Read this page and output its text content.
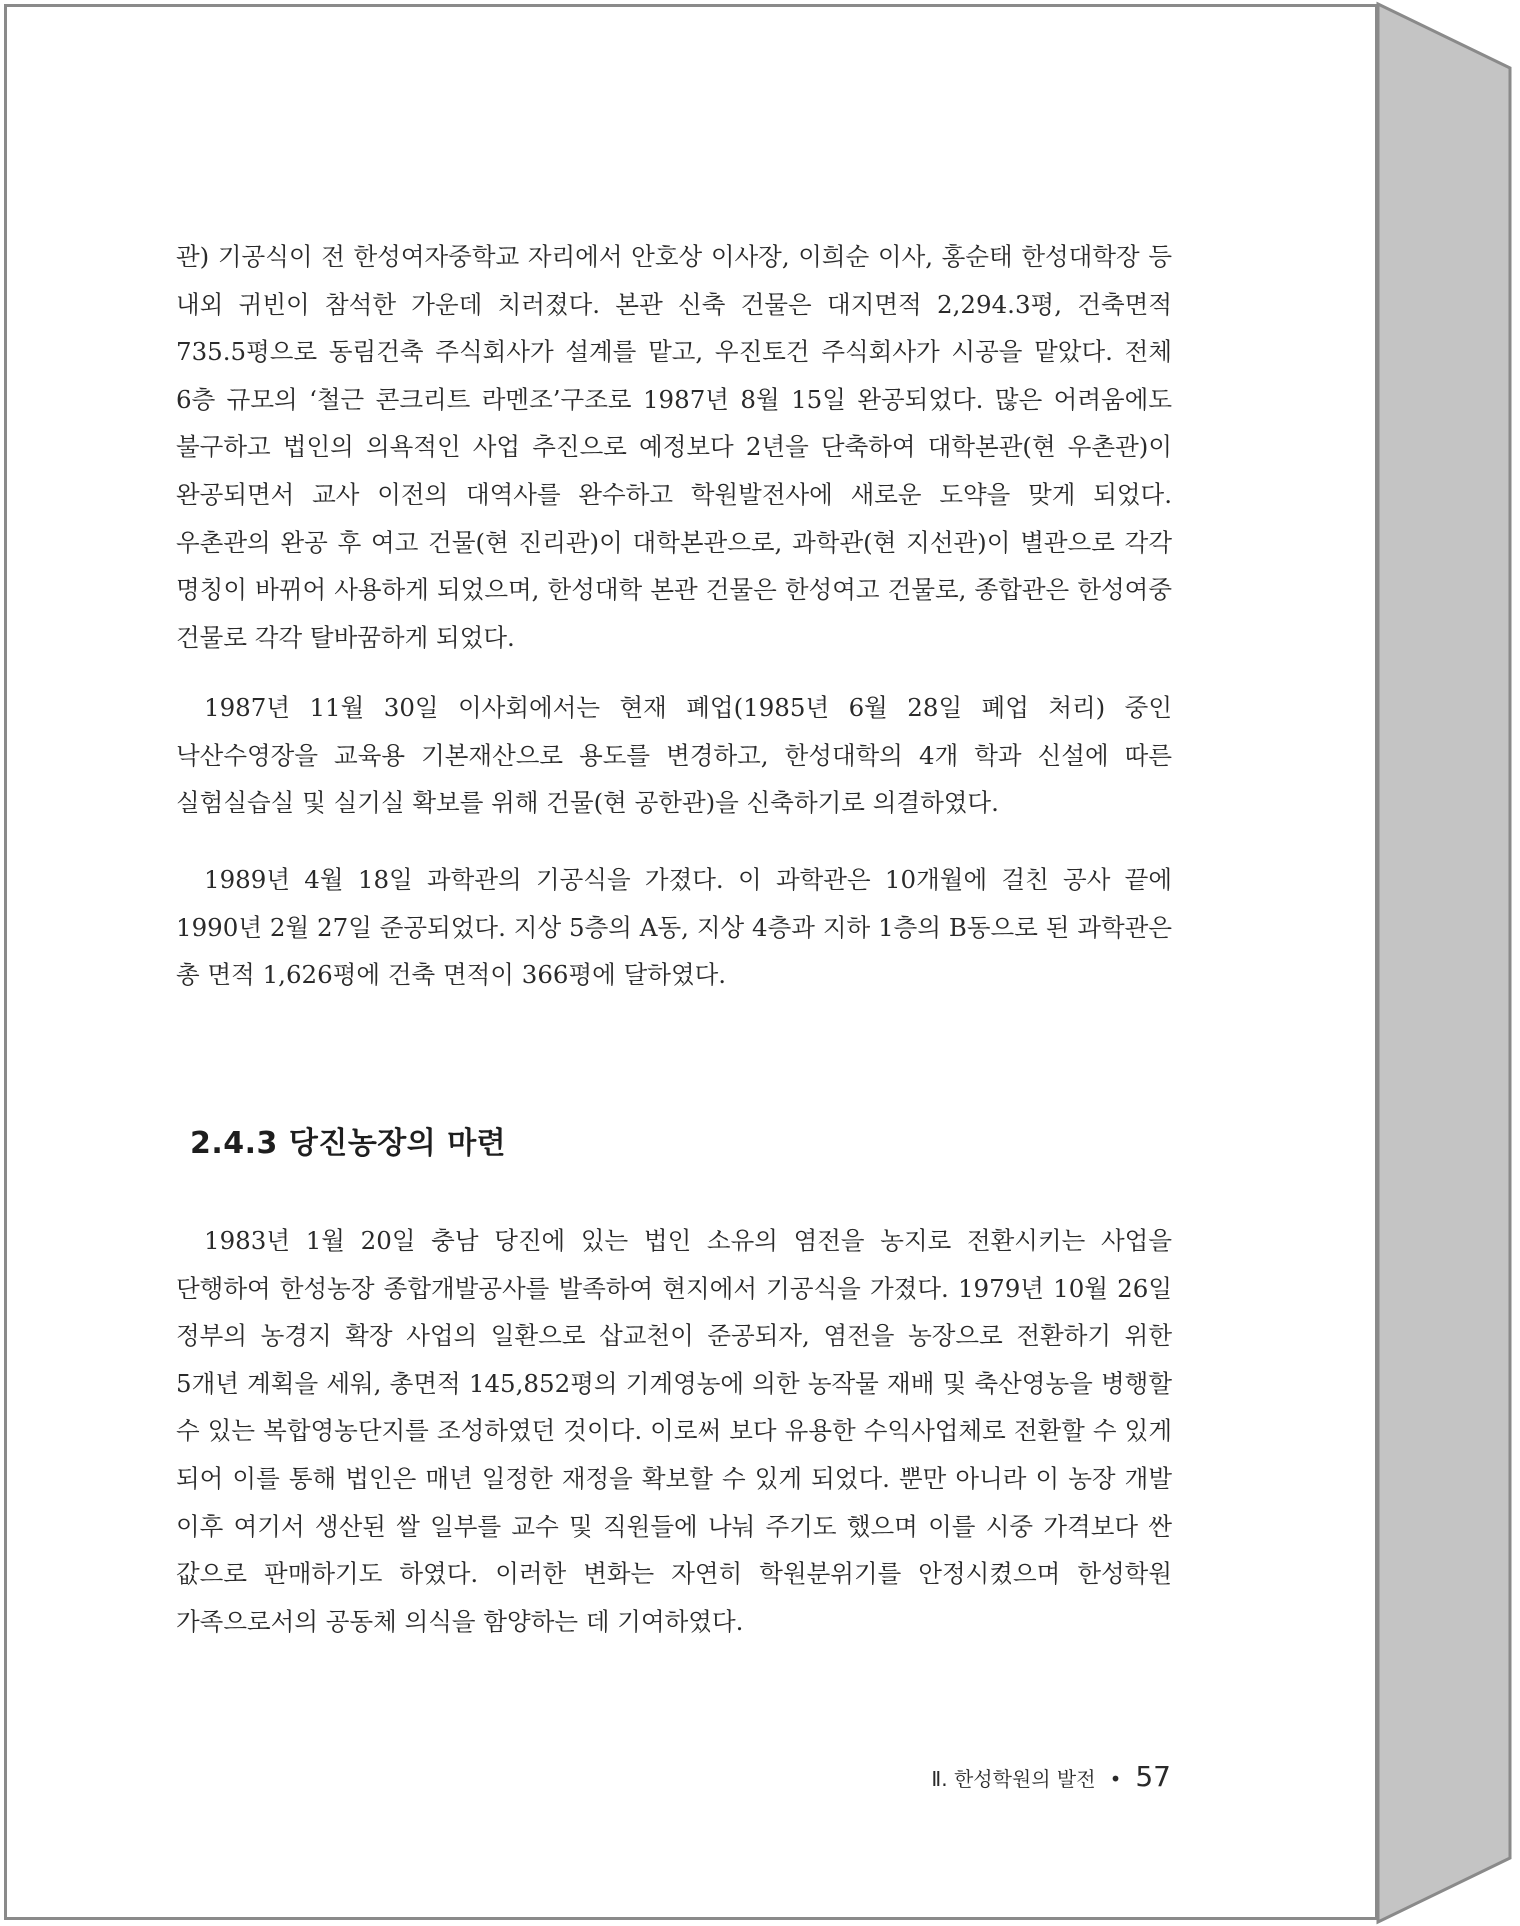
관) 기공식이 전 한성여자중학교 자리에서 안호상 이사장, 이희순 이사, 홍순태 한성대학장 등 내외 귀빈이 참석한 가운데 치러졌다. 본관 신축 건물은 대지면적 2,294.3평, 건축면적 735.5평으로 동림건축 주식회사가 설계를 맡고, 우진토건 주식회사가 시공을 맡았다. 전체 6층 규모의 ‘철근 콘크리트 라멘조’구조로 1987년 8월 15일 완공되었다. 많은 어려움에도 불구하고 법인의 의욕적인 사업 추진으로 예정보다 2년을 단축하여 대학본관(현 우촌관)이 완공되면서 교사 이전의 대역사를 완수하고 학원발전사에 새로운 도약을 맞게 되었다. 우촌관의 완공 후 여고 건물(현 진리관)이 대학본관으로, 과학관(현 지선관)이 별관으로 각각 명칭이 바뀌어 사용하게 되었으며, 한성대학 본관 건물은 한성여고 건물로, 종합관은 한성여중 건물로 각각 탈바꿈하게 되었다.

1987년 11월 30일 이사회에서는 현재 폐업(1985년 6월 28일 폐업 처리) 중인 낙산수영장을 교육용 기본재산으로 용도를 변경하고, 한성대학의 4개 학과 신설에 따른 실험실습실 및 실기실 확보를 위해 건물(현 공한관)을 신축하기로 의결하였다.

1989년 4월 18일 과학관의 기공식을 가졌다. 이 과학관은 10개월에 걸친 공사 끝에 1990년 2월 27일 준공되었다. 지상 5층의 A동, 지상 4층과 지하 1층의 B동으로 된 과학관은 총 면적 1,626평에 건축 면적이 366평에 달하였다.

2.4.3 당진농장의 마련

1983년 1월 20일 충남 당진에 있는 법인 소유의 염전을 농지로 전환시키는 사업을 단행하여 한성농장 종합개발공사를 발족하여 현지에서 기공식을 가졌다. 1979년 10월 26일 정부의 농경지 확장 사업의 일환으로 삽교천이 준공되자, 염전을 농장으로 전환하기 위한 5개년 계획을 세워, 총면적 145,852평의 기계영농에 의한 농작물 재배 및 축산영농을 병행할 수 있는 복합영농단지를 조성하였던 것이다. 이로써 보다 유용한 수익사업체로 전환할 수 있게 되어 이를 통해 법인은 매년 일정한 재정을 확보할 수 있게 되었다. 뿐만 아니라 이 농장 개발 이후 여기서 생산된 쌀 일부를 교수 및 직원들에 나눠 주기도 했으며 이를 시중 가격보다 싼 값으로 판매하기도 하였다. 이러한 변화는 자연히 학원분위기를 안정시켰으며 한성학원 가족으로서의 공동체 의식을 함양하는 데 기여하였다.

Ⅱ. 한성학원의 발전 • 57
